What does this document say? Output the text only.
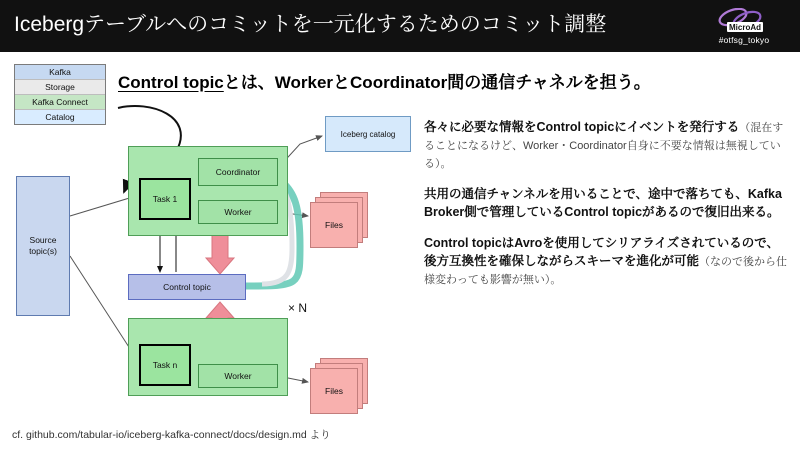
Icebergテーブルへのコミットを一元化するためのコミット調整	MicroAd
#otfsg_tokyo
Control topicとは、WorkerとCoordinator間の通信チャネルを担う。
Kafka
Storage
Kafka Connect
Catalog
Source topic(s)
Iceberg catalog
Task 1
Coordinator
Worker
Task n
Worker
Control topic
Files
Files
× N
各々に必要な情報をControl topicにイベントを発行する（混在することになるけど、Worker・Coordinator自身に不要な情報は無視している）。
共用の通信チャンネルを用いることで、途中で落ちても、Kafka Broker側で管理しているControl topicがあるので復旧出来る。
Control topicはAvroを使用してシリアライズされているので、後方互換性を確保しながらスキーマを進化が可能（なので後から仕様変わっても影響が無い）。
cf. github.com/tabular-io/iceberg-kafka-connect/docs/design.md より
